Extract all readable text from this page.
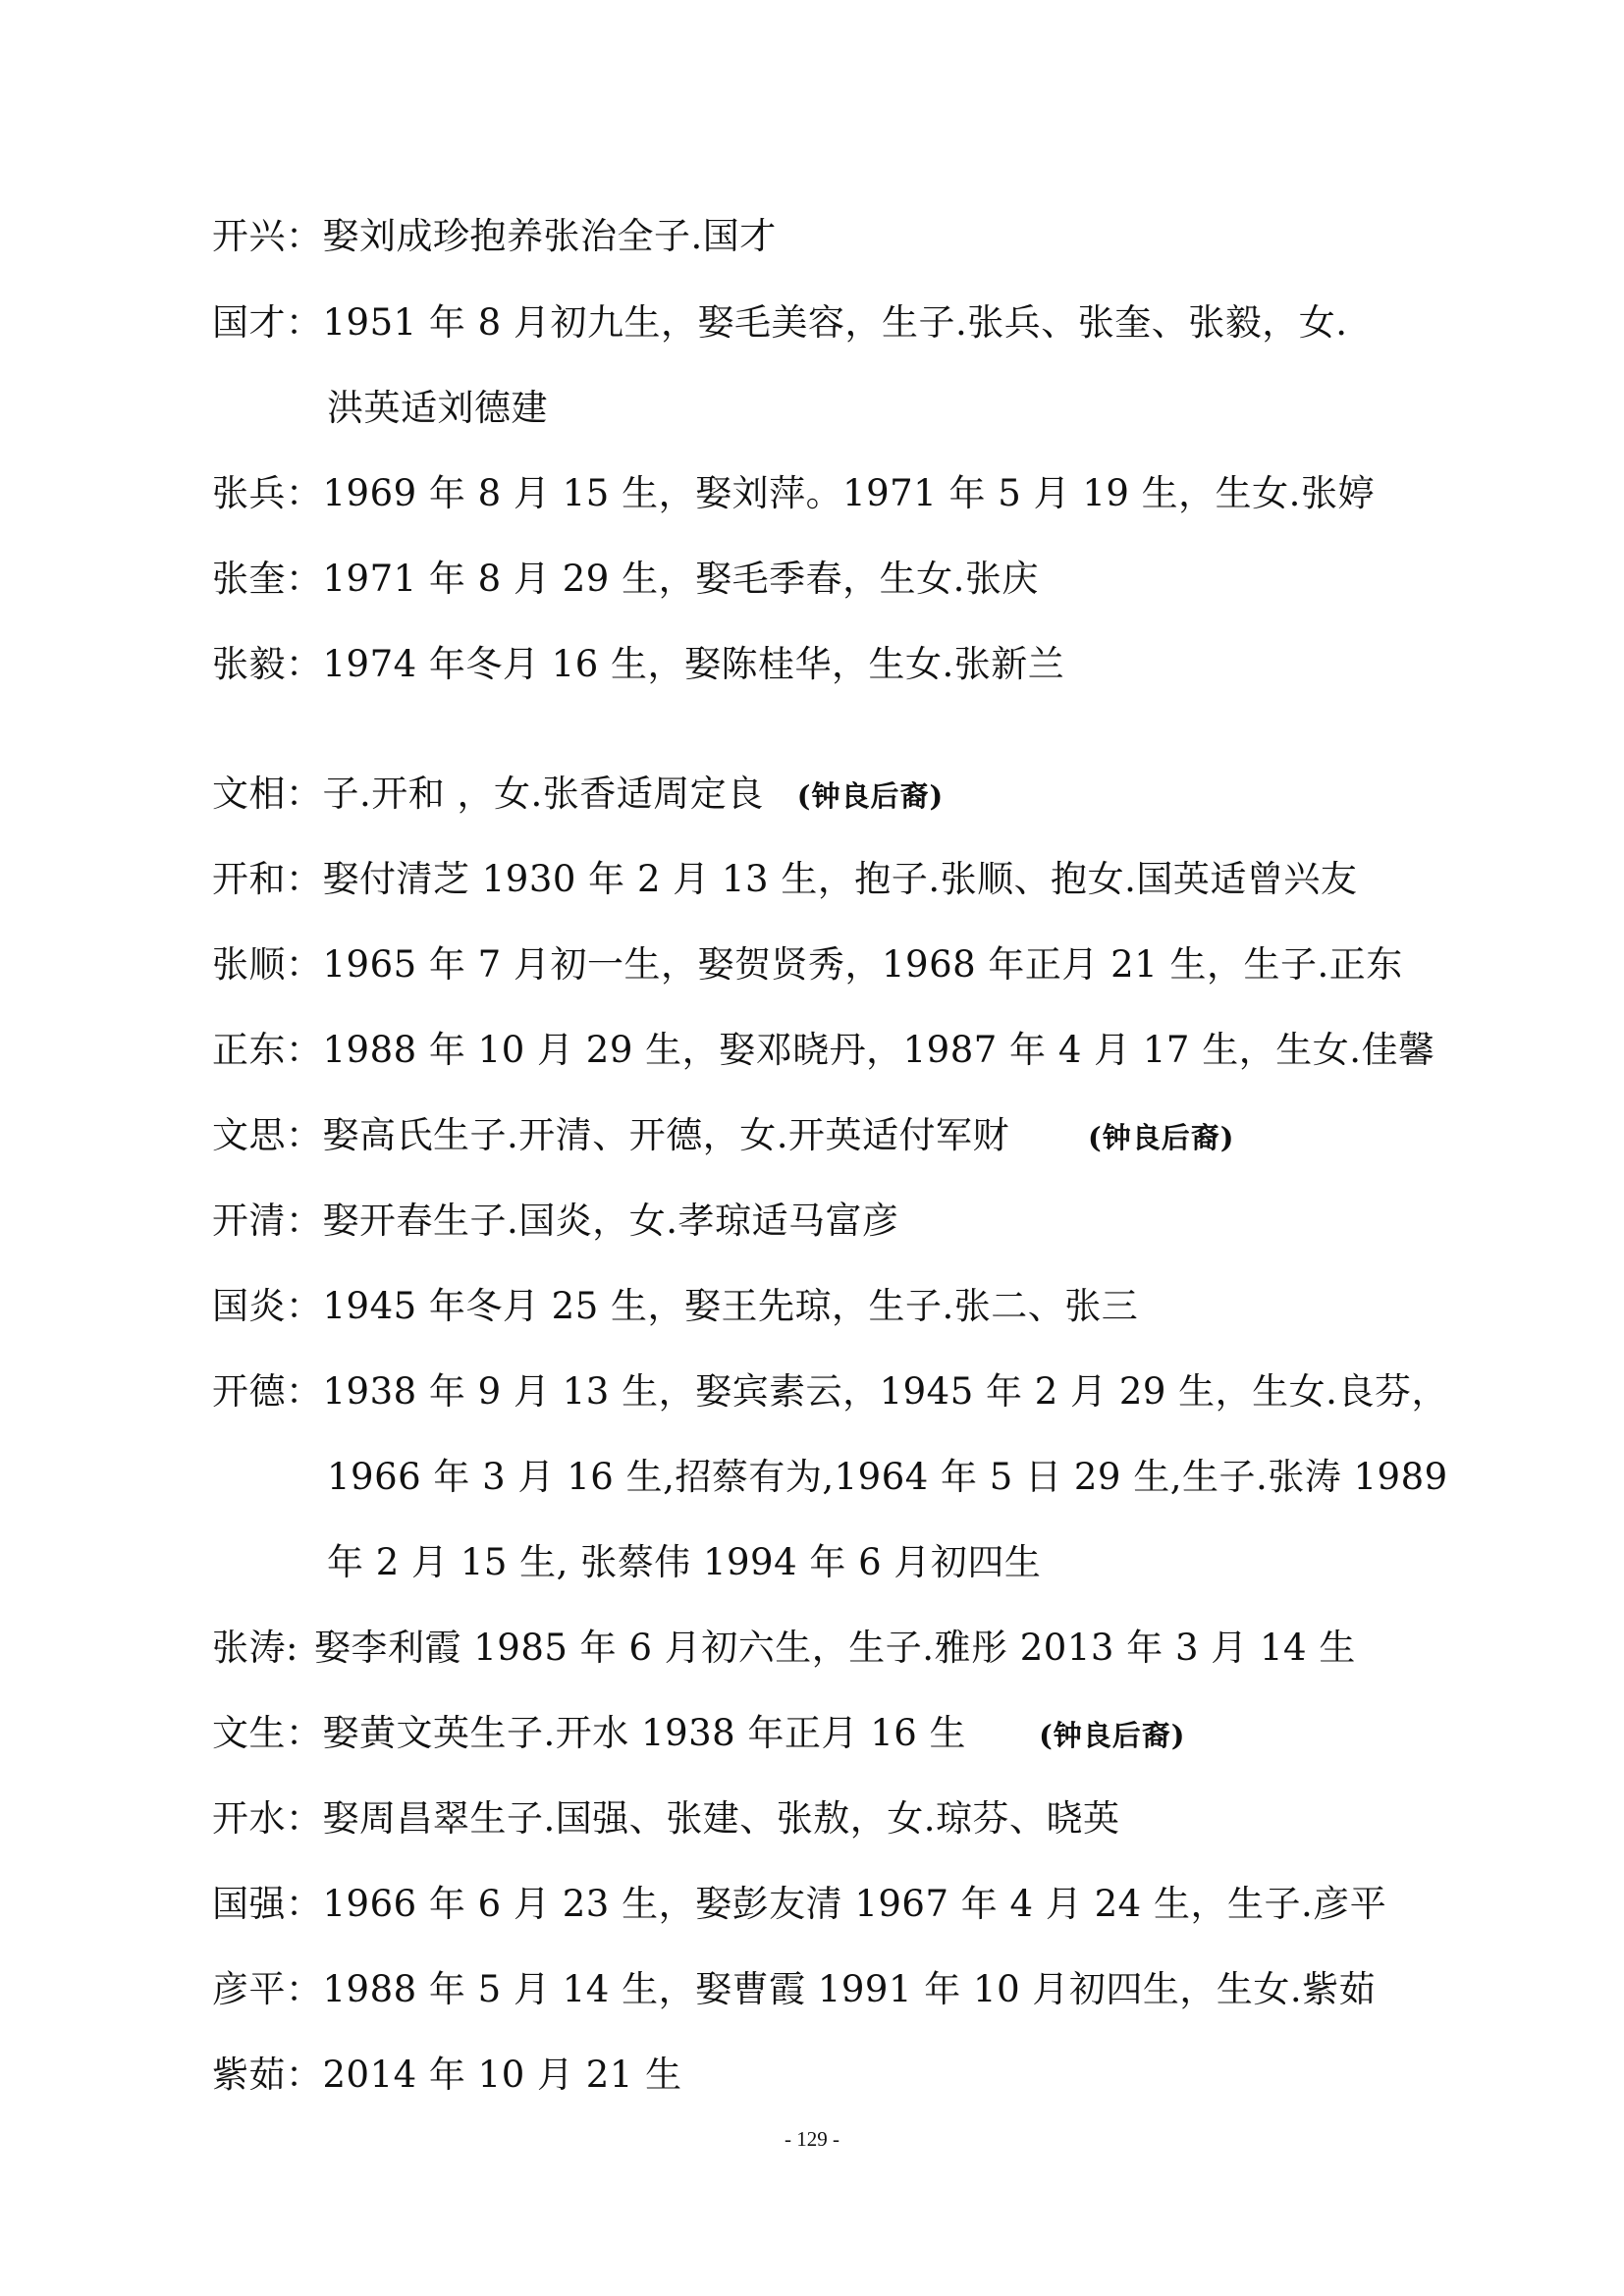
开兴：娶刘成珍抱养张治全子.国才
国才：1951 年 8 月初九生，娶毛美容，生子.张兵、张奎、张毅，女.
洪英适刘德建
张兵：1969 年 8 月 15 生，娶刘萍。1971 年 5 月 19 生，生女.张婷
张奎：1971 年 8 月 29 生，娶毛季春，生女.张庆
张毅：1974 年冬月 16 生，娶陈桂华，生女.张新兰
文相：子.开和 ，女.张香适周定良 (钟良后裔)
开和：娶付清芝 1930 年 2 月 13 生，抱子.张顺、抱女.国英适曾兴友
张顺：1965 年 7 月初一生，娶贺贤秀，1968 年正月 21 生，生子.正东
正东：1988 年 10 月 29 生，娶邓晓丹，1987 年 4 月 17 生，生女.佳馨
文思：娶高氏生子.开清、开德，女.开英适付军财	(钟良后裔)
开清：娶开春生子.国炎，女.孝琼适马富彦
国炎：1945 年冬月 25 生，娶王先琼，生子.张二、张三
开德：1938 年 9 月 13 生，娶宾素云，1945 年 2 月 29 生，生女.良芬，
1966 年 3 月 16 生,招蔡有为,1964 年 5 日 29 生,生子.张涛 1989
年 2 月 15 生, 张蔡伟 1994 年 6 月初四生
张涛: 娶李利霞 1985 年 6 月初六生，生子.雅彤 2013 年 3 月 14 生
文生：娶黄文英生子.开水 1938 年正月 16 生	(钟良后裔)
开水：娶周昌翠生子.国强、张建、张敖，女.琼芬、晓英
国强：1966 年 6 月 23 生，娶彭友清 1967 年 4 月 24 生，生子.彦平
彦平：1988 年 5 月 14 生，娶曹霞 1991 年 10 月初四生，生女.紫茹
紫茹：2014 年 10 月 21 生
- 129 -
